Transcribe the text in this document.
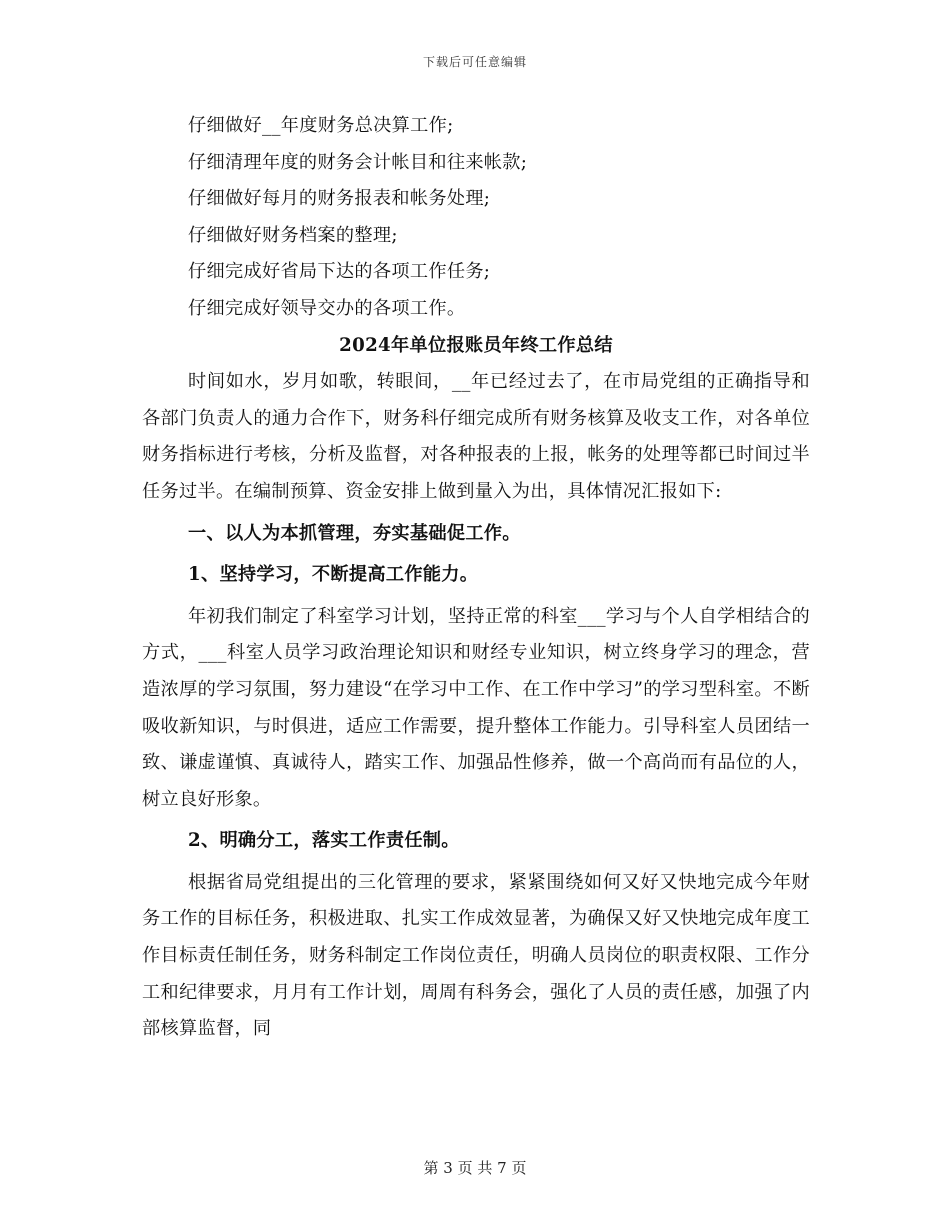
下载后可任意编辑

仔细做好__年度财务总决算工作;

仔细清理年度的财务会计帐目和往来帐款;

仔细做好每月的财务报表和帐务处理;

仔细做好财务档案的整理;

仔细完成好省局下达的各项工作任务;

仔细完成好领导交办的各项工作。

2024年单位报账员年终工作总结

时间如水，岁月如歌，转眼间，__年已经过去了，在市局党组的正确指导和各部门负责人的通力合作下，财务科仔细完成所有财务核算及收支工作，对各单位财务指标进行考核，分析及监督，对各种报表的上报，帐务的处理等都已时间过半任务过半。在编制预算、资金安排上做到量入为出，具体情况汇报如下:

一、以人为本抓管理，夯实基础促工作。

1、坚持学习，不断提高工作能力。

年初我们制定了科室学习计划，坚持正常的科室___学习与个人自学相结合的方式，___科室人员学习政治理论知识和财经专业知识，树立终身学习的理念，营造浓厚的学习氛围，努力建设“在学习中工作、在工作中学习”的学习型科室。不断吸收新知识，与时俱进，适应工作需要，提升整体工作能力。引导科室人员团结一致、谦虚谨慎、真诚待人，踏实工作、加强品性修养，做一个高尚而有品位的人，树立良好形象。

2、明确分工，落实工作责任制。

根据省局党组提出的三化管理的要求，紧紧围绕如何又好又快地完成今年财务工作的目标任务，积极进取、扎实工作成效显著，为确保又好又快地完成年度工作目标责任制任务，财务科制定工作岗位责任，明确人员岗位的职责权限、工作分工和纪律要求，月月有工作计划，周周有科务会，强化了人员的责任感，加强了内部核算监督，同

第 3 页 共 7 页
